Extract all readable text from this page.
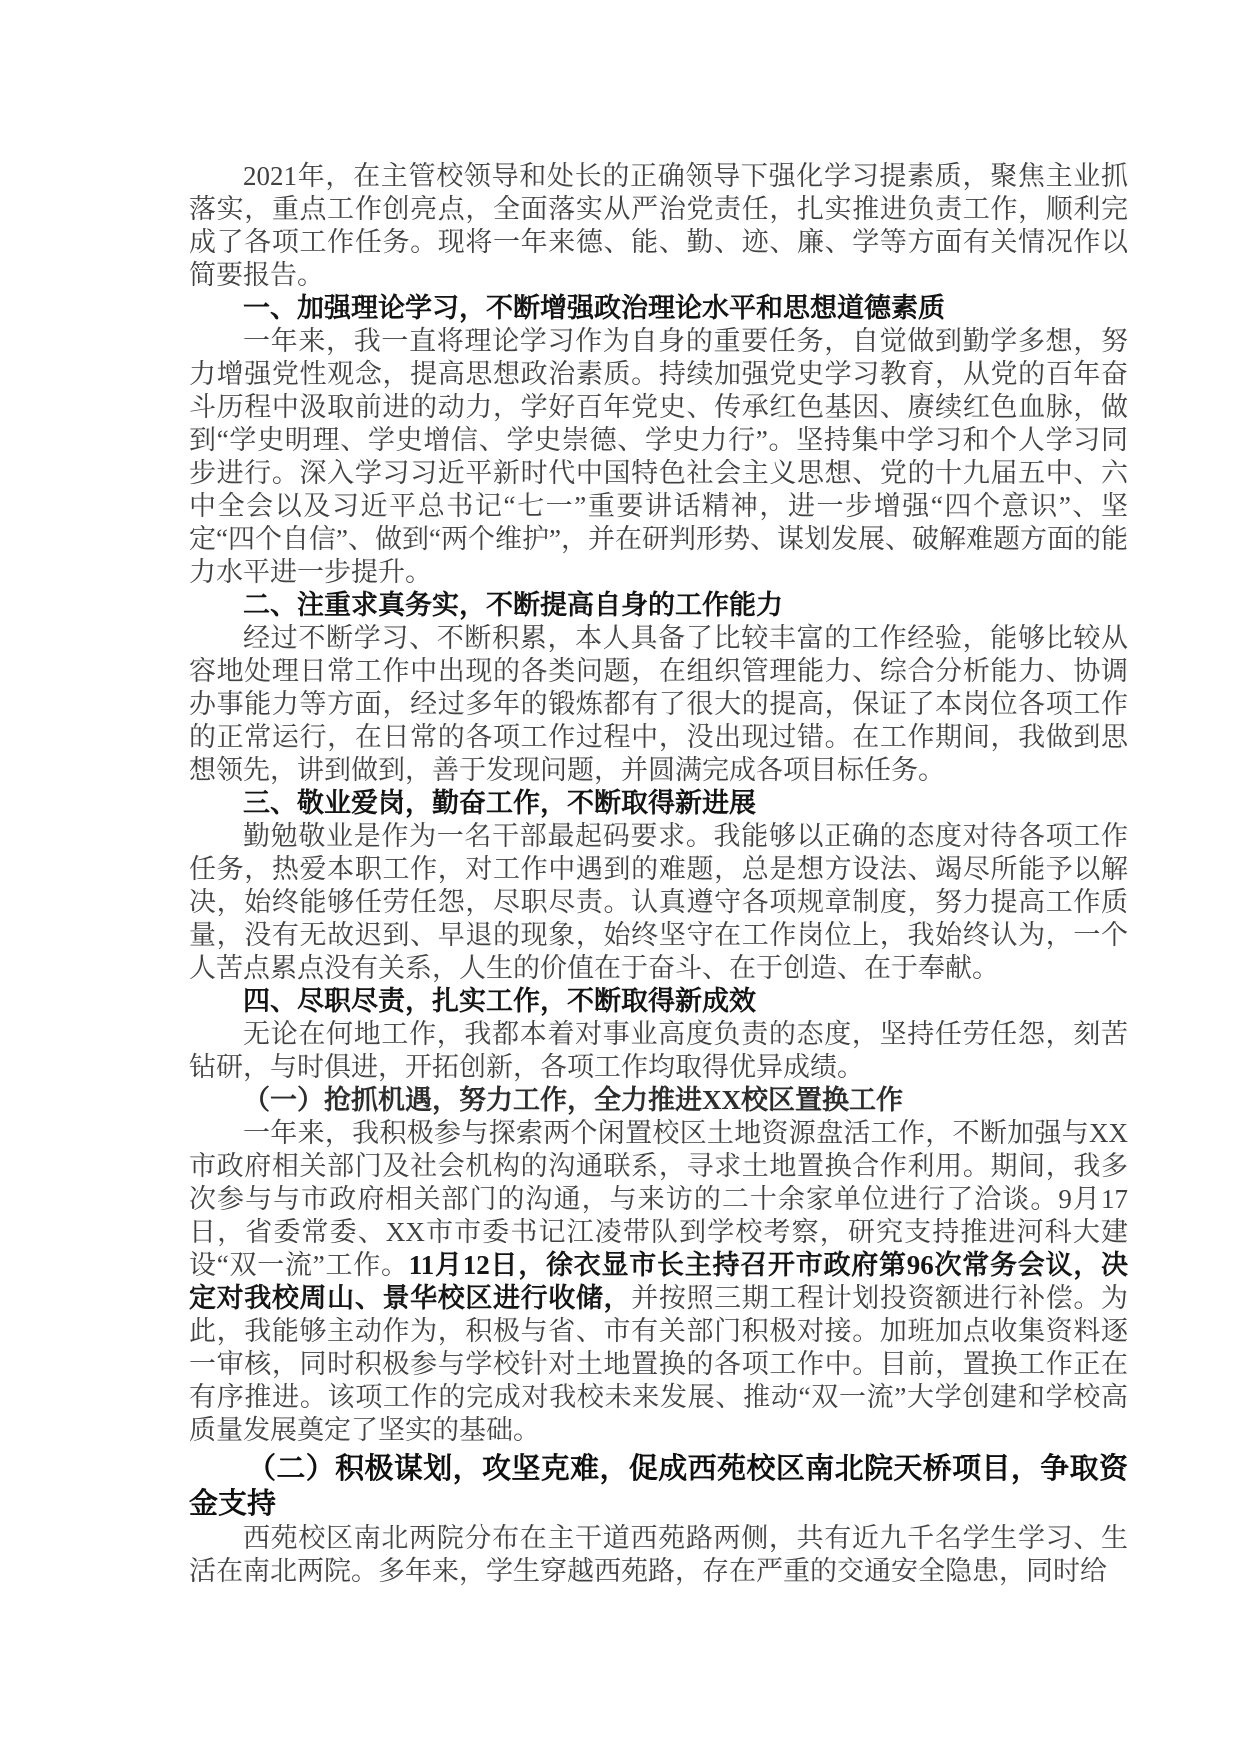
2021年，在主管校领导和处长的正确领导下强化学习提素质，聚焦主业抓落实，重点工作创亮点，全面落实从严治党责任，扎实推进负责工作，顺利完成了各项工作任务。现将一年来德、能、勤、迹、廉、学等方面有关情况作以简要报告。

一、加强理论学习，不断增强政治理论水平和思想道德素质

一年来，我一直将理论学习作为自身的重要任务，自觉做到勤学多想，努力增强党性观念，提高思想政治素质。持续加强党史学习教育，从党的百年奋斗历程中汲取前进的动力，学好百年党史、传承红色基因、赓续红色血脉，做到“学史明理、学史增信、学史崇德、学史力行”。坚持集中学习和个人学习同步进行。深入学习习近平新时代中国特色社会主义思想、党的十九届五中、六中全会以及习近平总书记“七一”重要讲话精神，进一步增强“四个意识”、坚定“四个自信”、做到“两个维护”，并在研判形势、谋划发展、破解难题方面的能力水平进一步提升。

二、注重求真务实，不断提高自身的工作能力

经过不断学习、不断积累，本人具备了比较丰富的工作经验，能够比较从容地处理日常工作中出现的各类问题，在组织管理能力、综合分析能力、协调办事能力等方面，经过多年的锻炼都有了很大的提高，保证了本岗位各项工作的正常运行，在日常的各项工作过程中，没出现过错。在工作期间，我做到思想领先，讲到做到，善于发现问题，并圆满完成各项目标任务。

三、敬业爱岗，勤奋工作，不断取得新进展

勤勉敬业是作为一名干部最起码要求。我能够以正确的态度对待各项工作任务，热爱本职工作，对工作中遇到的难题，总是想方设法、竭尽所能予以解决，始终能够任劳任怨，尽职尽责。认真遵守各项规章制度，努力提高工作质量，没有无故迟到、早退的现象，始终坚守在工作岗位上，我始终认为，一个人苦点累点没有关系，人生的价值在于奋斗、在于创造、在于奉献。

四、尽职尽责，扎实工作，不断取得新成效

无论在何地工作，我都本着对事业高度负责的态度，坚持任劳任怨，刻苦钻研，与时俱进，开拓创新，各项工作均取得优异成绩。

（一）抢抓机遇，努力工作，全力推进XX校区置换工作

一年来，我积极参与探索两个闲置校区土地资源盘活工作，不断加强与XX市政府相关部门及社会机构的沟通联系，寻求土地置换合作利用。期间，我多次参与与市政府相关部门的沟通，与来访的二十余家单位进行了洽谈。9月17日，省委常委、XX市市委书记江凌带队到学校考察，研究支持推进河科大建设“双一流”工作。11月12日，徐衣显市长主持召开市政府第96次常务会议，决定对我校周山、景华校区进行收储，并按照三期工程计划投资额进行补偿。为此，我能够主动作为，积极与省、市有关部门积极对接。加班加点收集资料逐一审核，同时积极参与学校针对土地置换的各项工作中。目前，置换工作正在有序推进。该项工作的完成对我校未来发展、推动“双一流”大学创建和学校高质量发展奠定了坚实的基础。

（二）积极谋划，攻坚克难，促成西苑校区南北院天桥项目，争取资金支持

西苑校区南北两院分布在主干道西苑路两侧，共有近九千名学生学习、生活在南北两院。多年来，学生穿越西苑路，存在严重的交通安全隐患，同时给
